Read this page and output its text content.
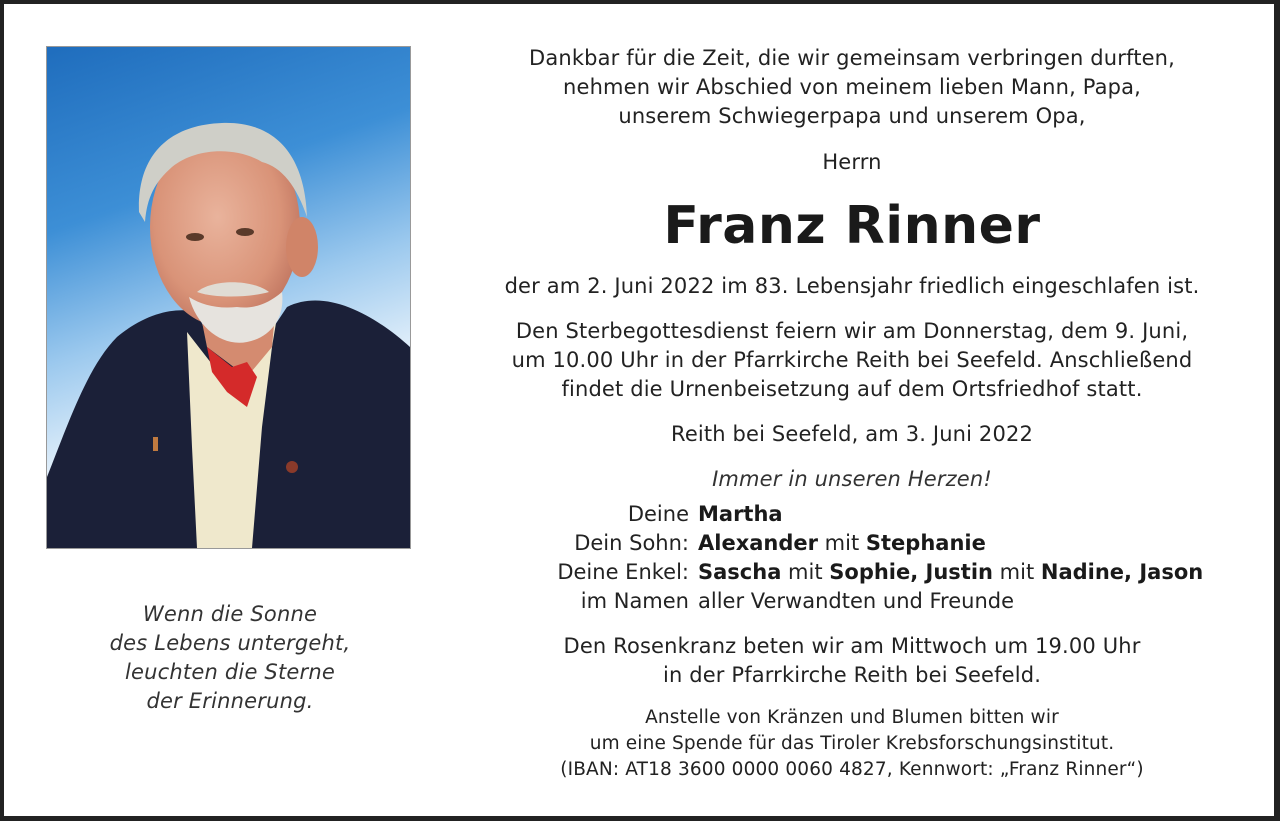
Wenn die Sonne
des Lebens untergeht,
leuchten die Sterne
der Erinnerung.
Dankbar für die Zeit, die wir gemeinsam verbringen durften,
nehmen wir Abschied von meinem lieben Mann, Papa,
unserem Schwiegerpapa und unserem Opa,
Herrn
Franz Rinner
der am 2. Juni 2022 im 83. Lebensjahr friedlich eingeschlafen ist.
Den Sterbegottesdienst feiern wir am Donnerstag, dem 9. Juni,
um 10.00 Uhr in der Pfarrkirche Reith bei Seefeld. Anschließend
findet die Urnenbeisetzung auf dem Ortsfriedhof statt.
Reith bei Seefeld, am 3. Juni 2022
Immer in unseren Herzen!
Deine Martha
Dein Sohn: Alexander mit Stephanie
Deine Enkel: Sascha mit Sophie, Justin mit Nadine, Jason
im Namen aller Verwandten und Freunde
Den Rosenkranz beten wir am Mittwoch um 19.00 Uhr
in der Pfarrkirche Reith bei Seefeld.
Anstelle von Kränzen und Blumen bitten wir
um eine Spende für das Tiroler Krebsforschungsinstitut.
(IBAN: AT18 3600 0000 0060 4827, Kennwort: „Franz Rinner“)
